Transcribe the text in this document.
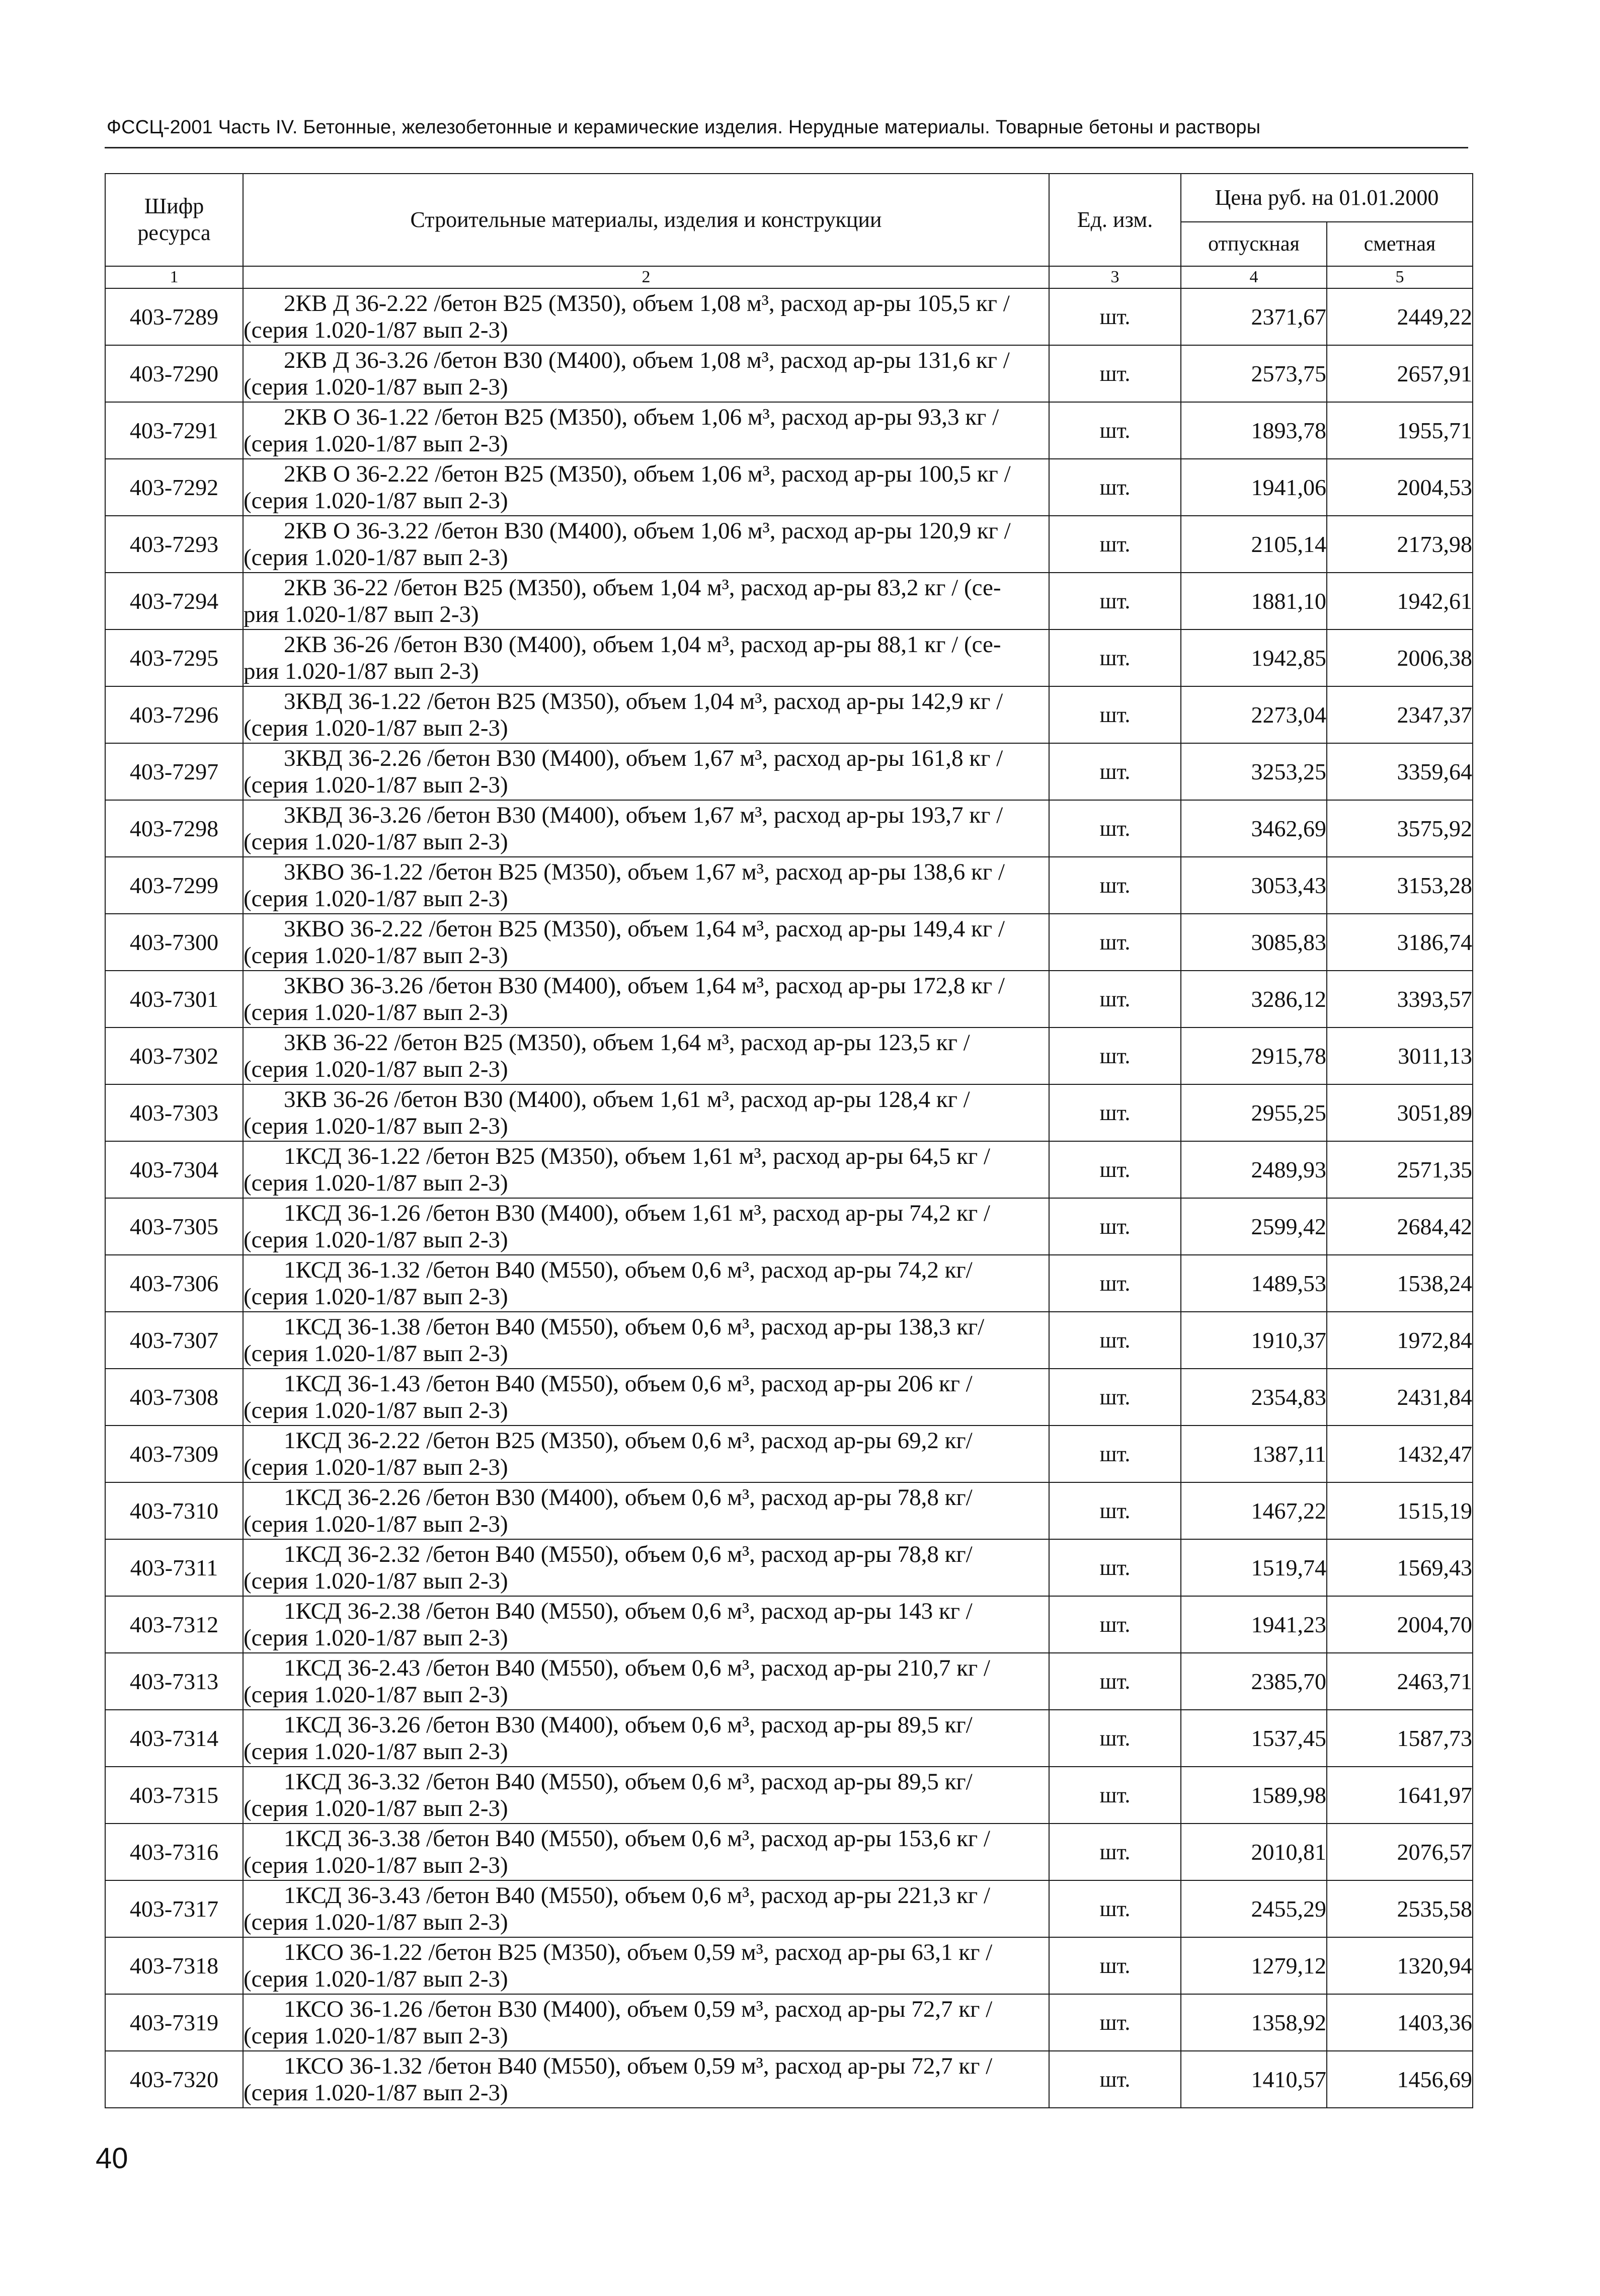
ФССЦ-2001 Часть IV. Бетонные, железобетонные и керамические изделия. Нерудные материалы. Товарные бетоны и растворы
Шифр ресурса	Строительные материалы, изделия и конструкции	Ед. изм.	Цена руб. на 01.01.2000	
			отпускная	сметная
1	2	3	4	5
403-7289	2КВ Д 36-2.22 /бетон В25 (М350), объем 1,08 м³, расход ар-ры 105,5 кг /
(серия 1.020-1/87 вып 2-3)	шт.	2371,67	2449,22
403-7290	2КВ Д 36-3.26 /бетон В30 (М400), объем 1,08 м³, расход ар-ры 131,6 кг /
(серия 1.020-1/87 вып 2-3)	шт.	2573,75	2657,91
403-7291	2КВ О 36-1.22 /бетон В25 (М350), объем 1,06 м³, расход ар-ры 93,3 кг /
(серия 1.020-1/87 вып 2-3)	шт.	1893,78	1955,71
403-7292	2КВ О 36-2.22 /бетон В25 (М350), объем 1,06 м³, расход ар-ры 100,5 кг /
(серия 1.020-1/87 вып 2-3)	шт.	1941,06	2004,53
403-7293	2КВ О 36-3.22 /бетон В30 (М400), объем 1,06 м³, расход ар-ры 120,9 кг /
(серия 1.020-1/87 вып 2-3)	шт.	2105,14	2173,98
403-7294	2КВ 36-22 /бетон В25 (М350), объем 1,04 м³, расход ар-ры 83,2 кг / (се-
рия 1.020-1/87 вып 2-3)	шт.	1881,10	1942,61
403-7295	2КВ 36-26 /бетон В30 (М400), объем 1,04 м³, расход ар-ры 88,1 кг / (се-
рия 1.020-1/87 вып 2-3)	шт.	1942,85	2006,38
403-7296	3КВД 36-1.22 /бетон В25 (М350), объем 1,04 м³, расход ар-ры 142,9 кг /
(серия 1.020-1/87 вып 2-3)	шт.	2273,04	2347,37
403-7297	3КВД 36-2.26 /бетон В30 (М400), объем 1,67 м³, расход ар-ры 161,8 кг /
(серия 1.020-1/87 вып 2-3)	шт.	3253,25	3359,64
403-7298	3КВД 36-3.26 /бетон В30 (М400), объем 1,67 м³, расход ар-ры 193,7 кг /
(серия 1.020-1/87 вып 2-3)	шт.	3462,69	3575,92
403-7299	3КВО 36-1.22 /бетон В25 (М350), объем 1,67 м³, расход ар-ры 138,6 кг /
(серия 1.020-1/87 вып 2-3)	шт.	3053,43	3153,28
403-7300	3КВО 36-2.22 /бетон В25 (М350), объем 1,64 м³, расход ар-ры 149,4 кг /
(серия 1.020-1/87 вып 2-3)	шт.	3085,83	3186,74
403-7301	3КВО 36-3.26 /бетон В30 (М400), объем 1,64 м³, расход ар-ры 172,8 кг /
(серия 1.020-1/87 вып 2-3)	шт.	3286,12	3393,57
403-7302	3КВ 36-22 /бетон В25 (М350), объем 1,64 м³, расход ар-ры 123,5 кг /
(серия 1.020-1/87 вып 2-3)	шт.	2915,78	3011,13
403-7303	3КВ 36-26 /бетон В30 (М400), объем 1,61 м³, расход ар-ры 128,4 кг /
(серия 1.020-1/87 вып 2-3)	шт.	2955,25	3051,89
403-7304	1КСД 36-1.22 /бетон В25 (М350), объем 1,61 м³, расход ар-ры 64,5 кг /
(серия 1.020-1/87 вып 2-3)	шт.	2489,93	2571,35
403-7305	1КСД 36-1.26 /бетон В30 (М400), объем 1,61 м³, расход ар-ры 74,2 кг /
(серия 1.020-1/87 вып 2-3)	шт.	2599,42	2684,42
403-7306	1КСД 36-1.32 /бетон В40 (М550), объем 0,6 м³, расход ар-ры 74,2 кг/
(серия 1.020-1/87 вып 2-3)	шт.	1489,53	1538,24
403-7307	1КСД 36-1.38 /бетон В40 (М550), объем 0,6 м³, расход ар-ры 138,3 кг/
(серия 1.020-1/87 вып 2-3)	шт.	1910,37	1972,84
403-7308	1КСД 36-1.43 /бетон В40 (М550), объем 0,6 м³, расход ар-ры 206 кг /
(серия 1.020-1/87 вып 2-3)	шт.	2354,83	2431,84
403-7309	1КСД 36-2.22 /бетон В25 (М350), объем 0,6 м³, расход ар-ры 69,2 кг/
(серия 1.020-1/87 вып 2-3)	шт.	1387,11	1432,47
403-7310	1КСД 36-2.26 /бетон В30 (М400), объем 0,6 м³, расход ар-ры 78,8 кг/
(серия 1.020-1/87 вып 2-3)	шт.	1467,22	1515,19
403-7311	1КСД 36-2.32 /бетон В40 (М550), объем 0,6 м³, расход ар-ры 78,8 кг/
(серия 1.020-1/87 вып 2-3)	шт.	1519,74	1569,43
403-7312	1КСД 36-2.38 /бетон В40 (М550), объем 0,6 м³, расход ар-ры 143 кг /
(серия 1.020-1/87 вып 2-3)	шт.	1941,23	2004,70
403-7313	1КСД 36-2.43 /бетон В40 (М550), объем 0,6 м³, расход ар-ры 210,7 кг /
(серия 1.020-1/87 вып 2-3)	шт.	2385,70	2463,71
403-7314	1КСД 36-3.26 /бетон В30 (М400), объем 0,6 м³, расход ар-ры 89,5 кг/
(серия 1.020-1/87 вып 2-3)	шт.	1537,45	1587,73
403-7315	1КСД 36-3.32 /бетон В40 (М550), объем 0,6 м³, расход ар-ры 89,5 кг/
(серия 1.020-1/87 вып 2-3)	шт.	1589,98	1641,97
403-7316	1КСД 36-3.38 /бетон В40 (М550), объем 0,6 м³, расход ар-ры 153,6 кг /
(серия 1.020-1/87 вып 2-3)	шт.	2010,81	2076,57
403-7317	1КСД 36-3.43 /бетон В40 (М550), объем 0,6 м³, расход ар-ры 221,3 кг /
(серия 1.020-1/87 вып 2-3)	шт.	2455,29	2535,58
403-7318	1КСО 36-1.22 /бетон В25 (М350), объем 0,59 м³, расход ар-ры 63,1 кг /
(серия 1.020-1/87 вып 2-3)	шт.	1279,12	1320,94
403-7319	1КСО 36-1.26 /бетон В30 (М400), объем 0,59 м³, расход ар-ры 72,7 кг /
(серия 1.020-1/87 вып 2-3)	шт.	1358,92	1403,36
403-7320	1КСО 36-1.32 /бетон В40 (М550), объем 0,59 м³, расход ар-ры 72,7 кг /
(серия 1.020-1/87 вып 2-3)	шт.	1410,57	1456,69
40
